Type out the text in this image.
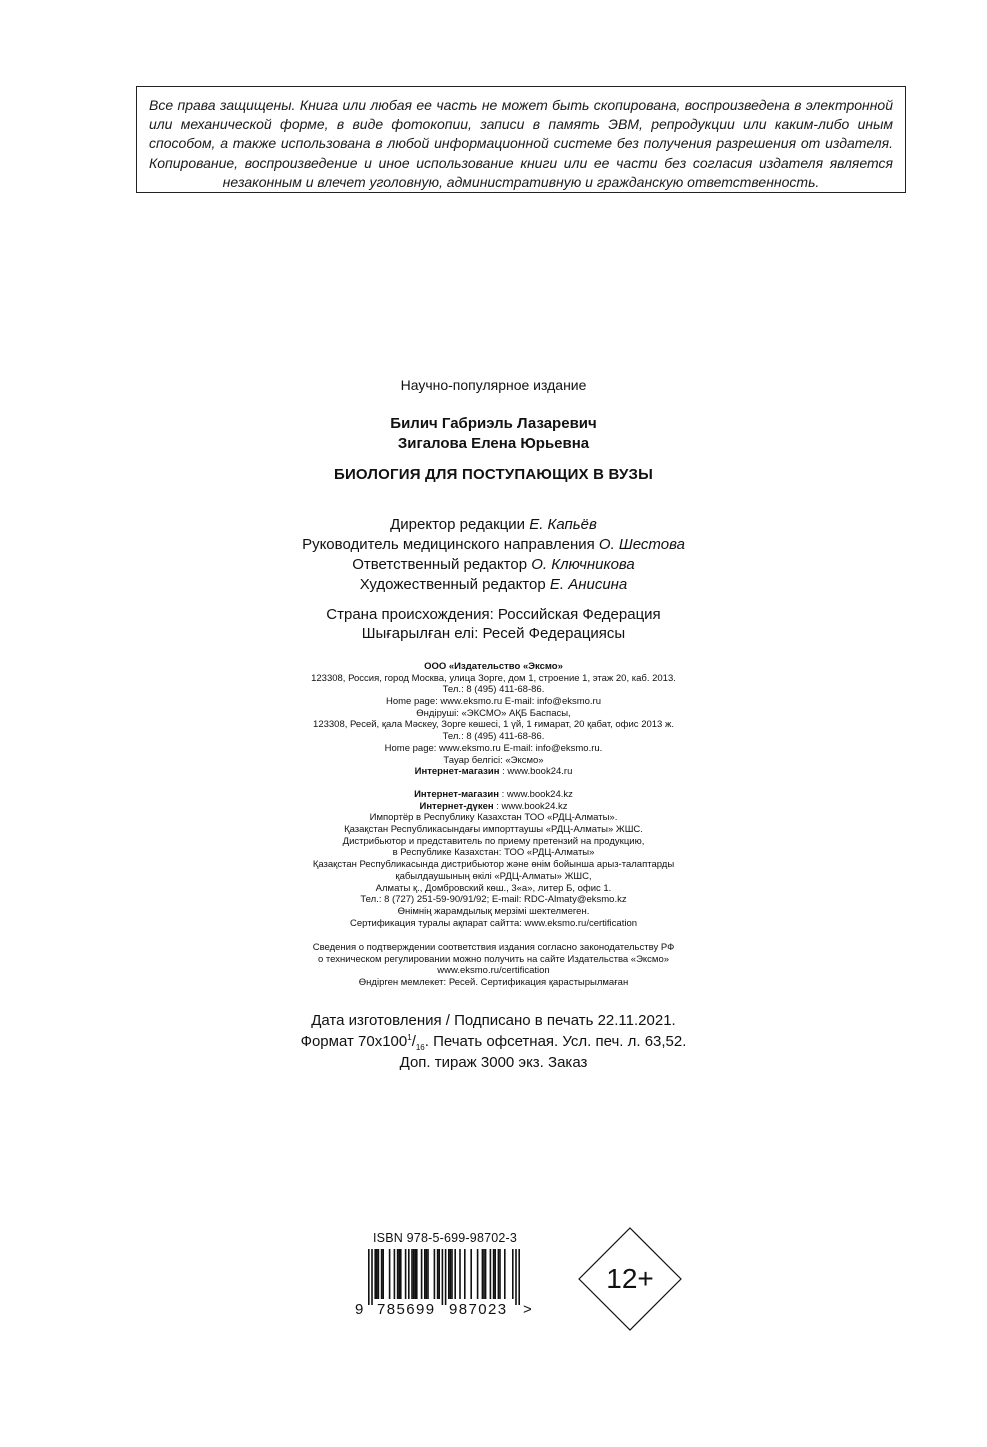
Все права защищены. Книга или любая ее часть не может быть скопирована, воспроизведена в электронной или механической форме, в виде фотокопии, записи в память ЭВМ, репродукции или каким-либо иным способом, а также использована в любой информационной системе без получения разрешения от издателя. Копирование, воспроизведение и иное использование книги или ее части без согласия издателя является незаконным и влечет уголовную, административную и гражданскую ответственность.
Научно-популярное издание
Билич Габриэль Лазаревич
Зигалова Елена Юрьевна
БИОЛОГИЯ ДЛЯ ПОСТУПАЮЩИХ В ВУЗЫ
Директор редакции Е. Капьёв
Руководитель медицинского направления О. Шестова
Ответственный редактор О. Ключникова
Художественный редактор Е. Анисина
Страна происхождения: Российская Федерация
Шығарылған елі: Ресей Федерациясы
ООО «Издательство «Эксмо»
123308, Россия, город Москва, улица Зорге, дом 1, строение 1, этаж 20, каб. 2013.
Тел.: 8 (495) 411-68-86.
Home page: www.eksmo.ru E-mail: info@eksmo.ru
Өндіруші: «ЭКСМО» АҚБ Баспасы,
123308, Ресей, қала Мәскеу, Зорге көшесі, 1 үй, 1 ғимарат, 20 қабат, офис 2013 ж.
Тел.: 8 (495) 411-68-86.
Home page: www.eksmo.ru E-mail: info@eksmo.ru.
Тауар белгісі: «Эксмо»
Интернет-магазин : www.book24.ru
Интернет-магазин : www.book24.kz
Интернет-дүкен : www.book24.kz
Импортёр в Республику Казахстан ТОО «РДЦ-Алматы».
Қазақстан Республикасындағы импорттаушы «РДЦ-Алматы» ЖШС.
Дистрибьютор и представитель по приему претензий на продукцию,
в Республике Казахстан: ТОО «РДЦ-Алматы»
Қазақстан Республикасында дистрибьютор және өнім бойынша арыз-талаптарды
қабылдаушының өкілі «РДЦ-Алматы» ЖШС,
Алматы қ., Домбровский көш., 3«а», литер Б, офис 1.
Тел.: 8 (727) 251-59-90/91/92; E-mail: RDC-Almaty@eksmo.kz
Өнімнің жарамдылық мерзімі шектелмеген.
Сертификация туралы ақпарат сайтта: www.eksmo.ru/certification
Сведения о подтверждении соответствия издания согласно законодательству РФ
о техническом регулировании можно получить на сайте Издательства «Эксмо»
www.eksmo.ru/certification
Өндірген мемлекет: Ресей. Сертификация қарастырылмаған
Дата изготовления / Подписано в печать 22.11.2021.
Формат $70x100^1/_{16}$. Печать офсетная. Усл. печ. л. 63,52.
Доп. тираж 3000 экз. Заказ
ISBN 978-5-699-98702-3
9 785699 987023 >
12+
